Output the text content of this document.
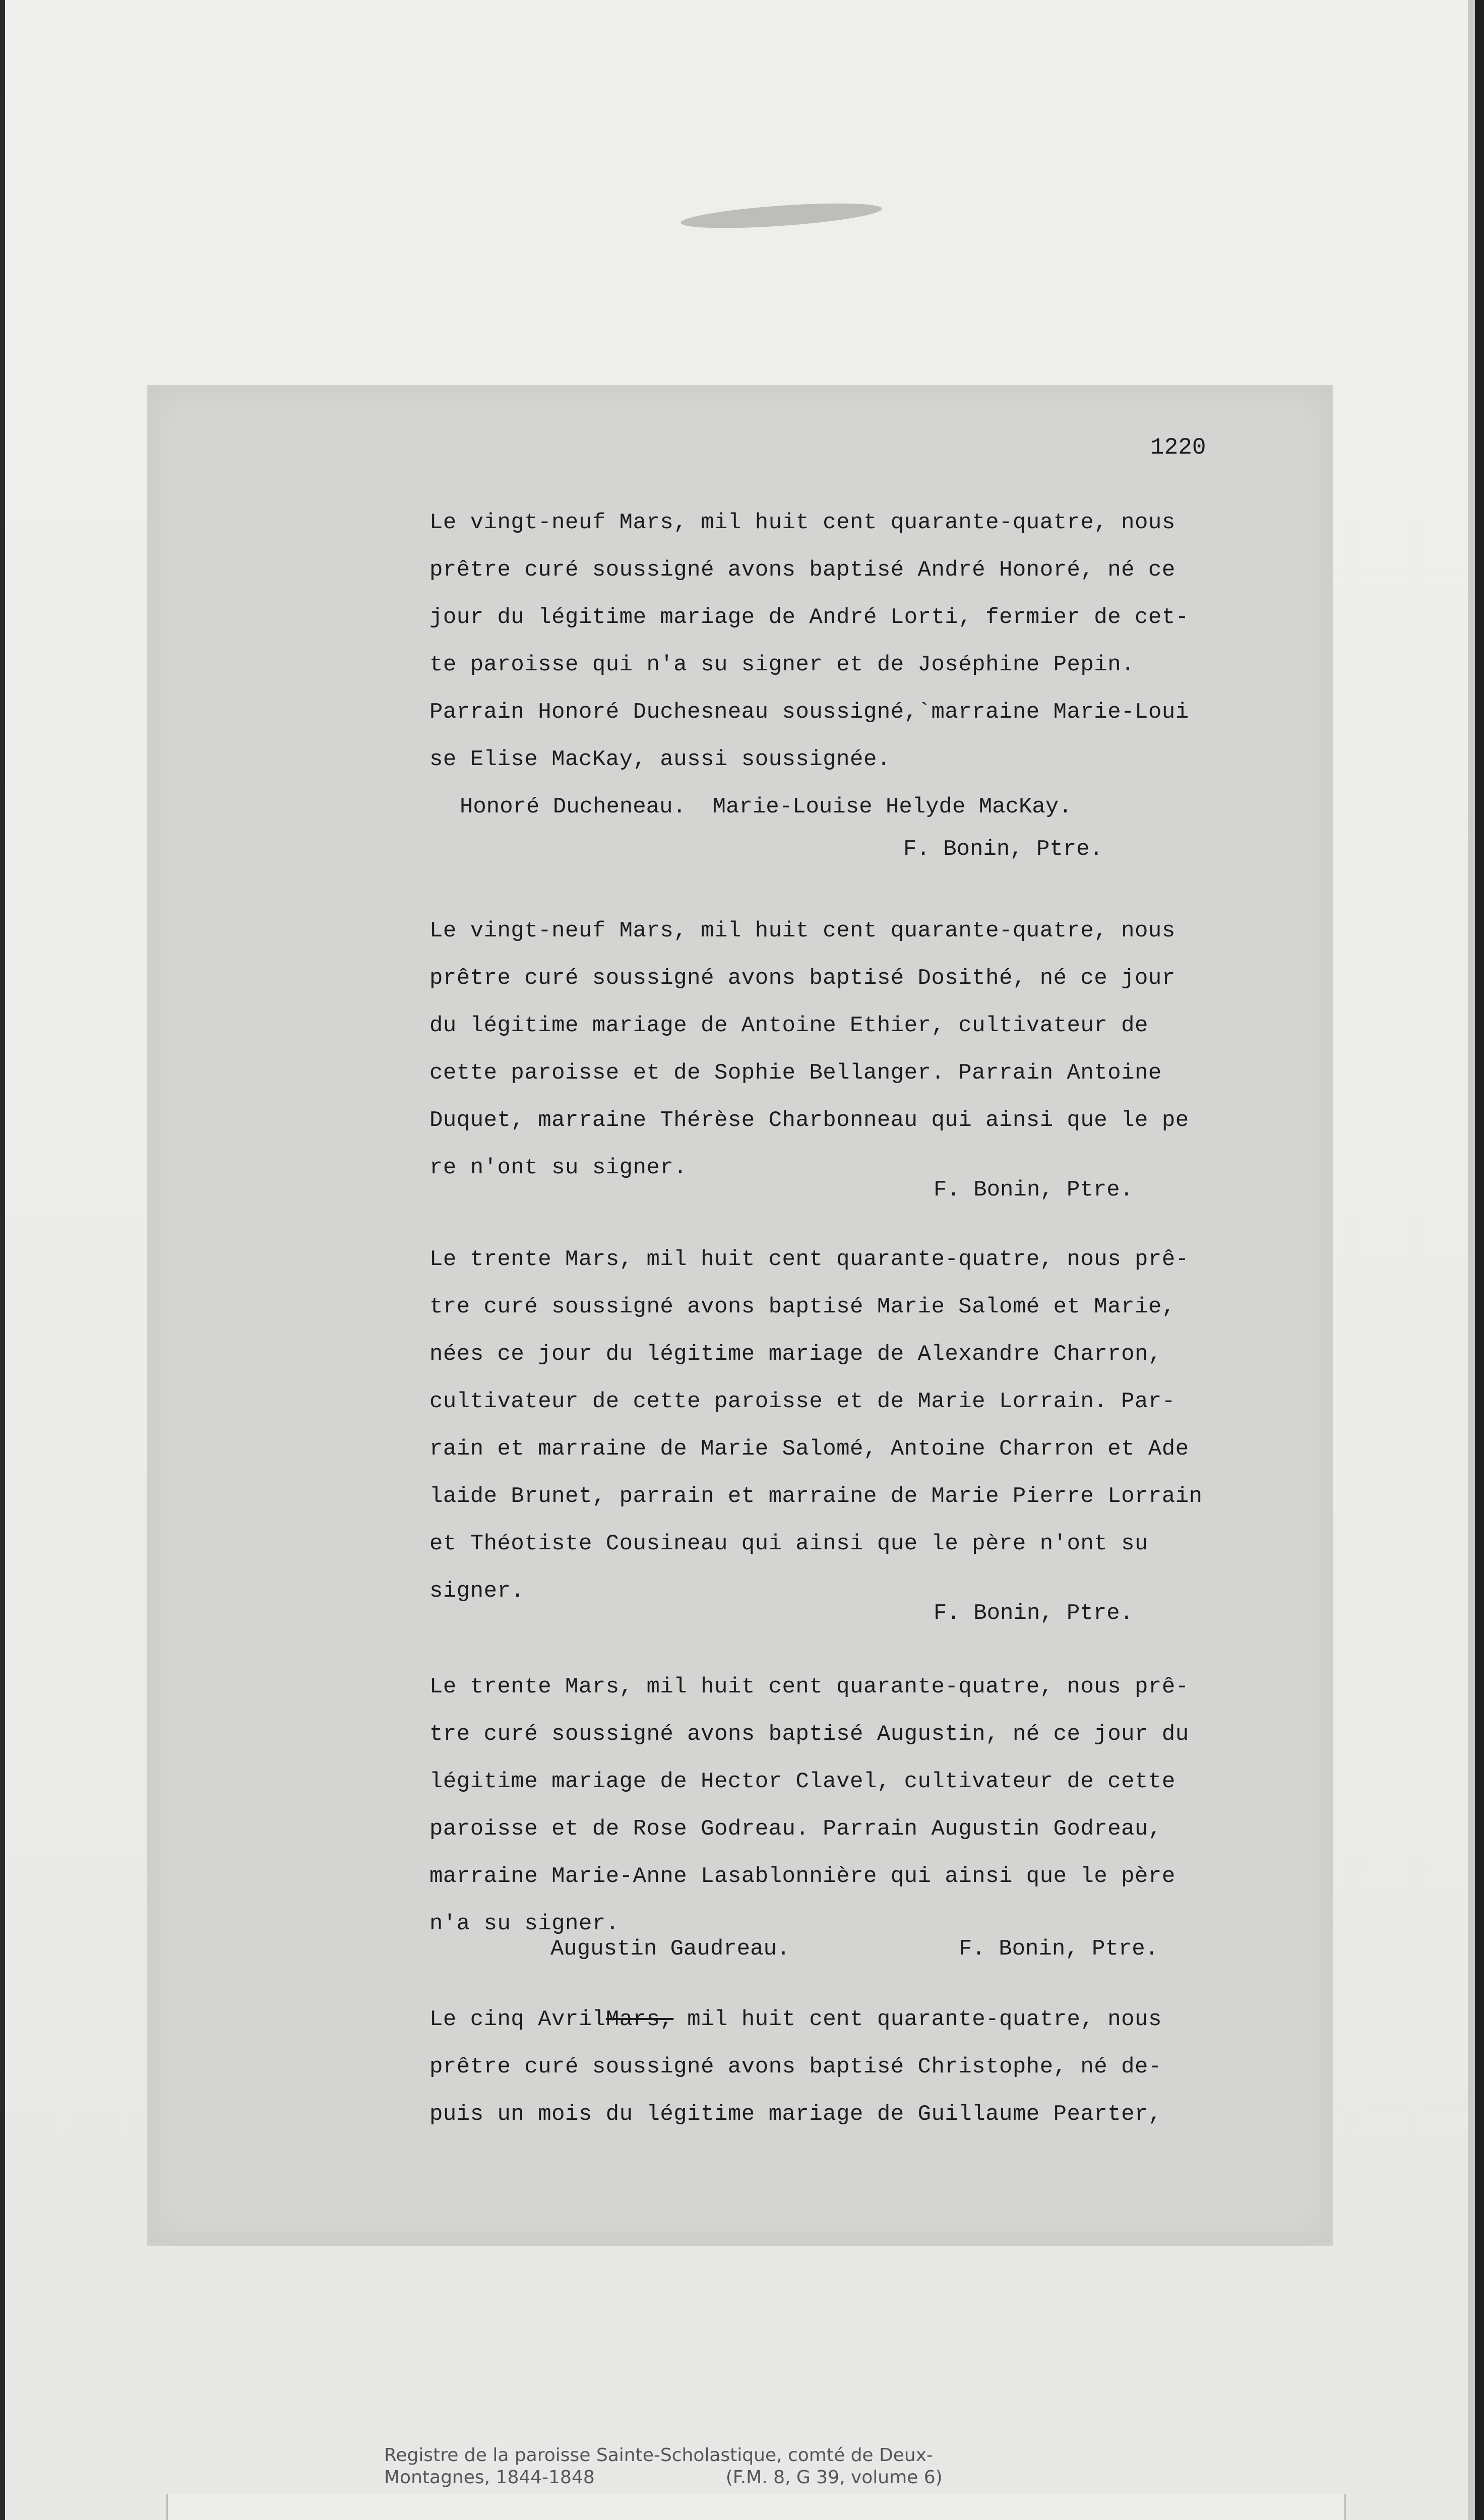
1220
Le vingt-neuf Mars, mil huit cent quarante-quatre, nous
prêtre curé soussigné avons baptisé André Honoré, né ce
jour du légitime mariage de André Lorti, fermier de cet-
te paroisse qui n'a su signer et de Joséphine Pepin.
Parrain Honoré Duchesneau soussigné,`marraine Marie-Loui
se Elise MacKay, aussi soussignée.
Honoré Ducheneau.  Marie-Louise Helyde MacKay.
F. Bonin, Ptre.
Le vingt-neuf Mars, mil huit cent quarante-quatre, nous
prêtre curé soussigné avons baptisé Dosithé, né ce jour
du légitime mariage de Antoine Ethier, cultivateur de
cette paroisse et de Sophie Bellanger. Parrain Antoine
Duquet, marraine Thérèse Charbonneau qui ainsi que le pe
re n'ont su signer.
F. Bonin, Ptre.
Le trente Mars, mil huit cent quarante-quatre, nous prê-
tre curé soussigné avons baptisé Marie Salomé et Marie,
nées ce jour du légitime mariage de Alexandre Charron,
cultivateur de cette paroisse et de Marie Lorrain. Par-
rain et marraine de Marie Salomé, Antoine Charron et Ade
laide Brunet, parrain et marraine de Marie Pierre Lorrain
et Théotiste Cousineau qui ainsi que le père n'ont su
signer.
F. Bonin, Ptre.
Le trente Mars, mil huit cent quarante-quatre, nous prê-
tre curé soussigné avons baptisé Augustin, né ce jour du
légitime mariage de Hector Clavel, cultivateur de cette
paroisse et de Rose Godreau. Parrain Augustin Godreau,
marraine Marie-Anne Lasablonnière qui ainsi que le père
n'a su signer.
Augustin Gaudreau.	F. Bonin, Ptre.
Le cinq AvrilMars, mil huit cent quarante-quatre, nous
prêtre curé soussigné avons baptisé Christophe, né de-
puis un mois du légitime mariage de Guillaume Pearter,
Registre de la paroisse Sainte-Scholastique, comté de Deux-
Montagnes, 1844-1848	(F.M. 8, G 39, volume 6)
